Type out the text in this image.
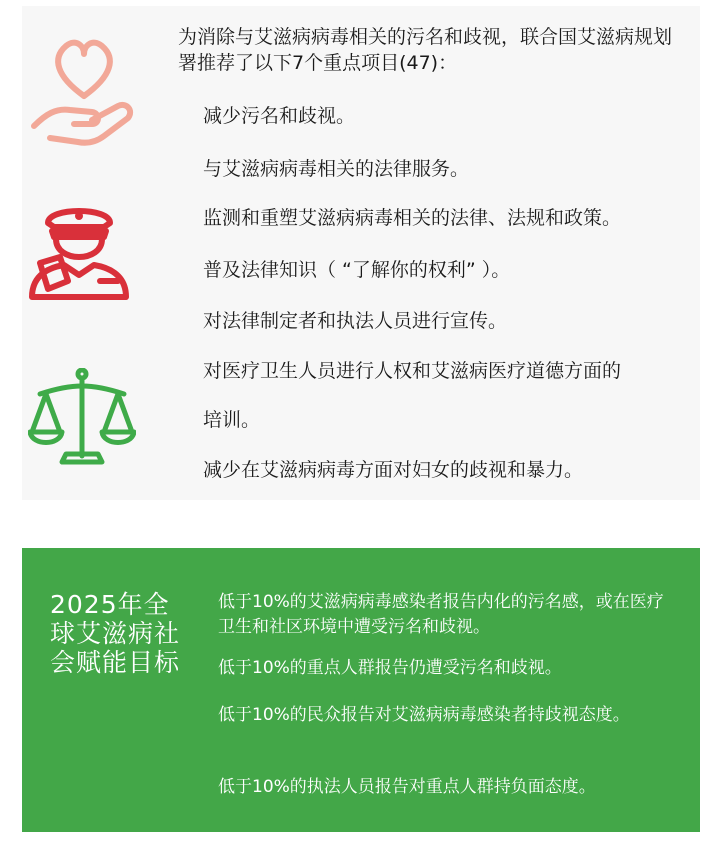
为消除与艾滋病病毒相关的污名和歧视，联合国艾滋病规划署推荐了以下7个重点项目(47)：

减少污名和歧视。

与艾滋病病毒相关的法律服务。

监测和重塑艾滋病病毒相关的法律、法规和政策。

普及法律知识（ “了解你的权利” ）。

对法律制定者和执法人员进行宣传。

对医疗卫生人员进行人权和艾滋病医疗道德方面的

培训。

减少在艾滋病病毒方面对妇女的歧视和暴力。

2025年全球艾滋病社会赋能目标

低于10%的艾滋病病毒感染者报告内化的污名感，或在医疗卫生和社区环境中遭受污名和歧视。

低于10%的重点人群报告仍遭受污名和歧视。

低于10%的民众报告对艾滋病病毒感染者持歧视态度。

低于10%的执法人员报告对重点人群持负面态度。
